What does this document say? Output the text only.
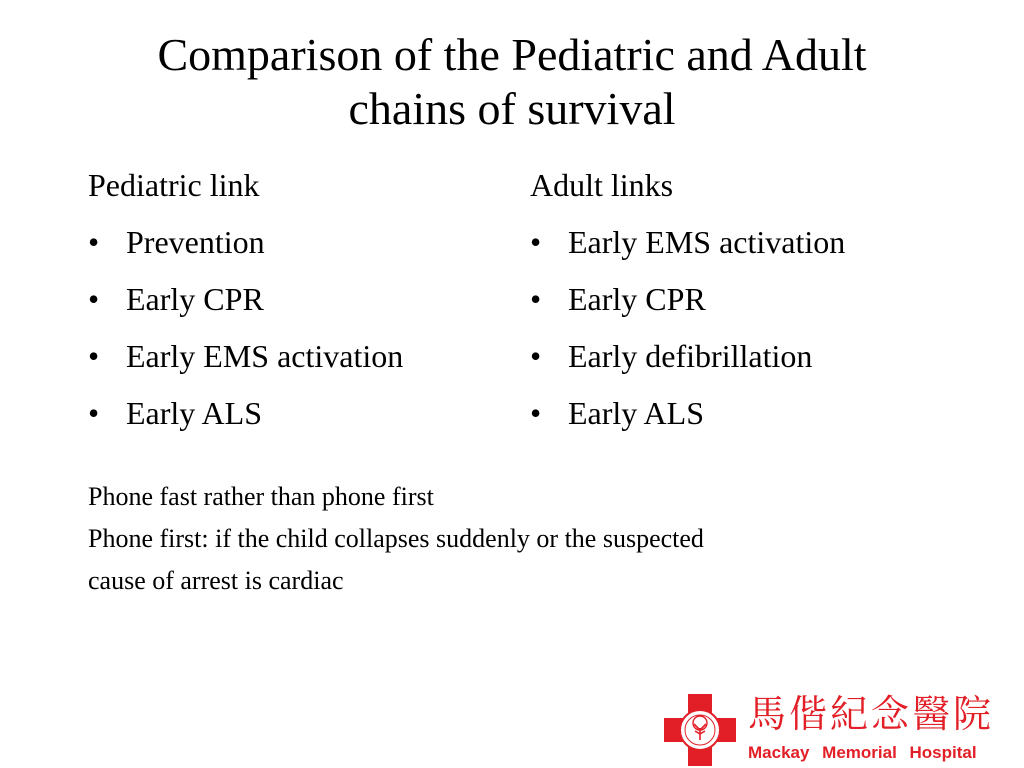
Comparison of the Pediatric and Adult
chains of survival
Pediatric link
• Prevention
• Early CPR
• Early EMS activation
• Early ALS
Adult links
• Early EMS activation
• Early CPR
• Early defibrillation
• Early ALS
Phone fast rather than phone first
Phone first: if the child collapses suddenly or the suspected
cause of arrest is cardiac
馬偕紀念醫院
Mackay Memorial Hospital
